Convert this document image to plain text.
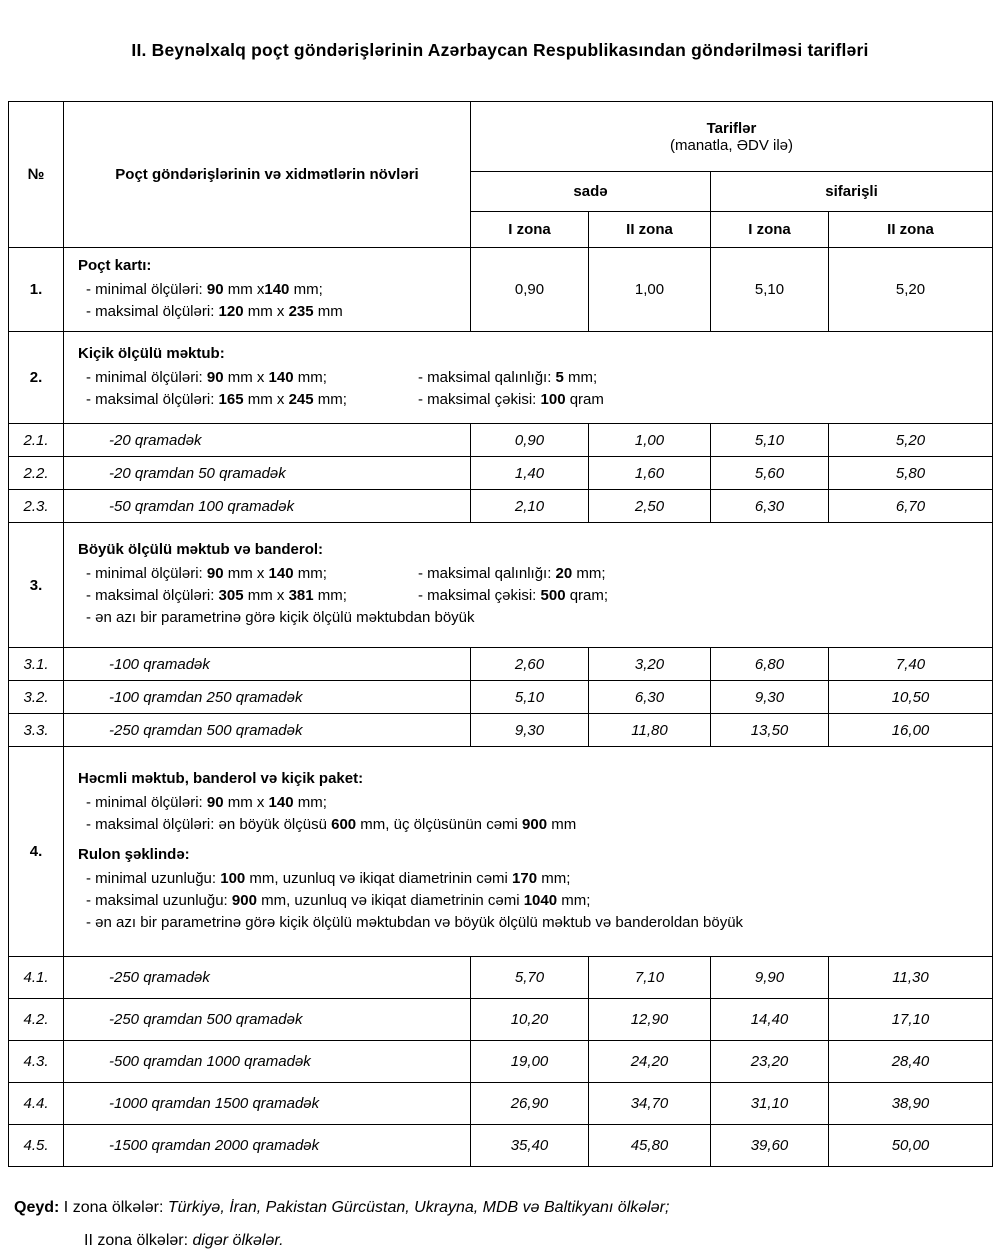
II. Beynəlxalq poçt göndərişlərinin Azərbaycan Respublikasından göndərilməsi tarifləri
№	Poçt göndərişlərinin və xidmətlərin növləri	Tariflər
(manatla, ƏDV ilə)			

		sadə		sifarişli	
		I zona	II zona	I zona	II zona
1.	Poçt kartı:
- minimal ölçüləri: 90 mm x140 mm;
- maksimal ölçüləri: 120 mm x 235 mm	0,90	1,00	5,10	5,20
2.	Kiçik ölçülü məktub:
- minimal ölçüləri: 90 mm x 140 mm; - maksimal qalınlığı: 5 mm;
- maksimal ölçüləri: 165 mm x 245 mm; - maksimal çəkisi: 100 qram				

2.1.	-20 qramadək	0,90	1,00	5,10	5,20
2.2.	-20 qramdan 50 qramadək	1,40	1,60	5,60	5,80
2.3.	-50 qramdan 100 qramadək	2,10	2,50	6,30	6,70
3.	Böyük ölçülü məktub və banderol:
- minimal ölçüləri: 90 mm x 140 mm; - maksimal qalınlığı: 20 mm;
- maksimal ölçüləri: 305 mm x 381 mm; - maksimal çəkisi: 500 qram;
- ən azı bir parametrinə görə kiçik ölçülü məktubdan böyük				

3.1.	-100 qramadək	2,60	3,20	6,80	7,40
3.2.	-100 qramdan 250 qramadək	5,10	6,30	9,30	10,50
3.3.	-250 qramdan 500 qramadək	9,30	11,80	13,50	16,00
4.	
Həcmli məktub, banderol və kiçik paket:
- minimal ölçüləri: 90 mm x 140 mm;
- maksimal ölçüləri: ən böyük ölçüsü 600 mm, üç ölçüsünün cəmi 900 mm
Rulon şəklində:
- minimal uzunluğu: 100 mm, uzunluq və ikiqat diametrinin cəmi 170 mm;
- maksimal uzunluğu: 900 mm, uzunluq və ikiqat diametrinin cəmi 1040 mm;
- ən azı bir parametrinə görə kiçik ölçülü məktubdan və böyük ölçülü məktub və banderoldan böyük

4.1.	-250 qramadək	5,70	7,10	9,90	11,30
4.2.	-250 qramdan 500 qramadək	10,20	12,90	14,40	17,10
4.3.	-500 qramdan 1000 qramadək	19,00	24,20	23,20	28,40
4.4.	-1000 qramdan 1500 qramadək	26,90	34,70	31,10	38,90
4.5.	-1500 qramdan 2000 qramadək	35,40	45,80	39,60	50,00

Qeyd: I zona ölkələr: Türkiyə, İran, Pakistan Gürcüstan, Ukrayna, MDB və Baltikyanı ölkələr;

II zona ölkələr: digər ölkələr.
